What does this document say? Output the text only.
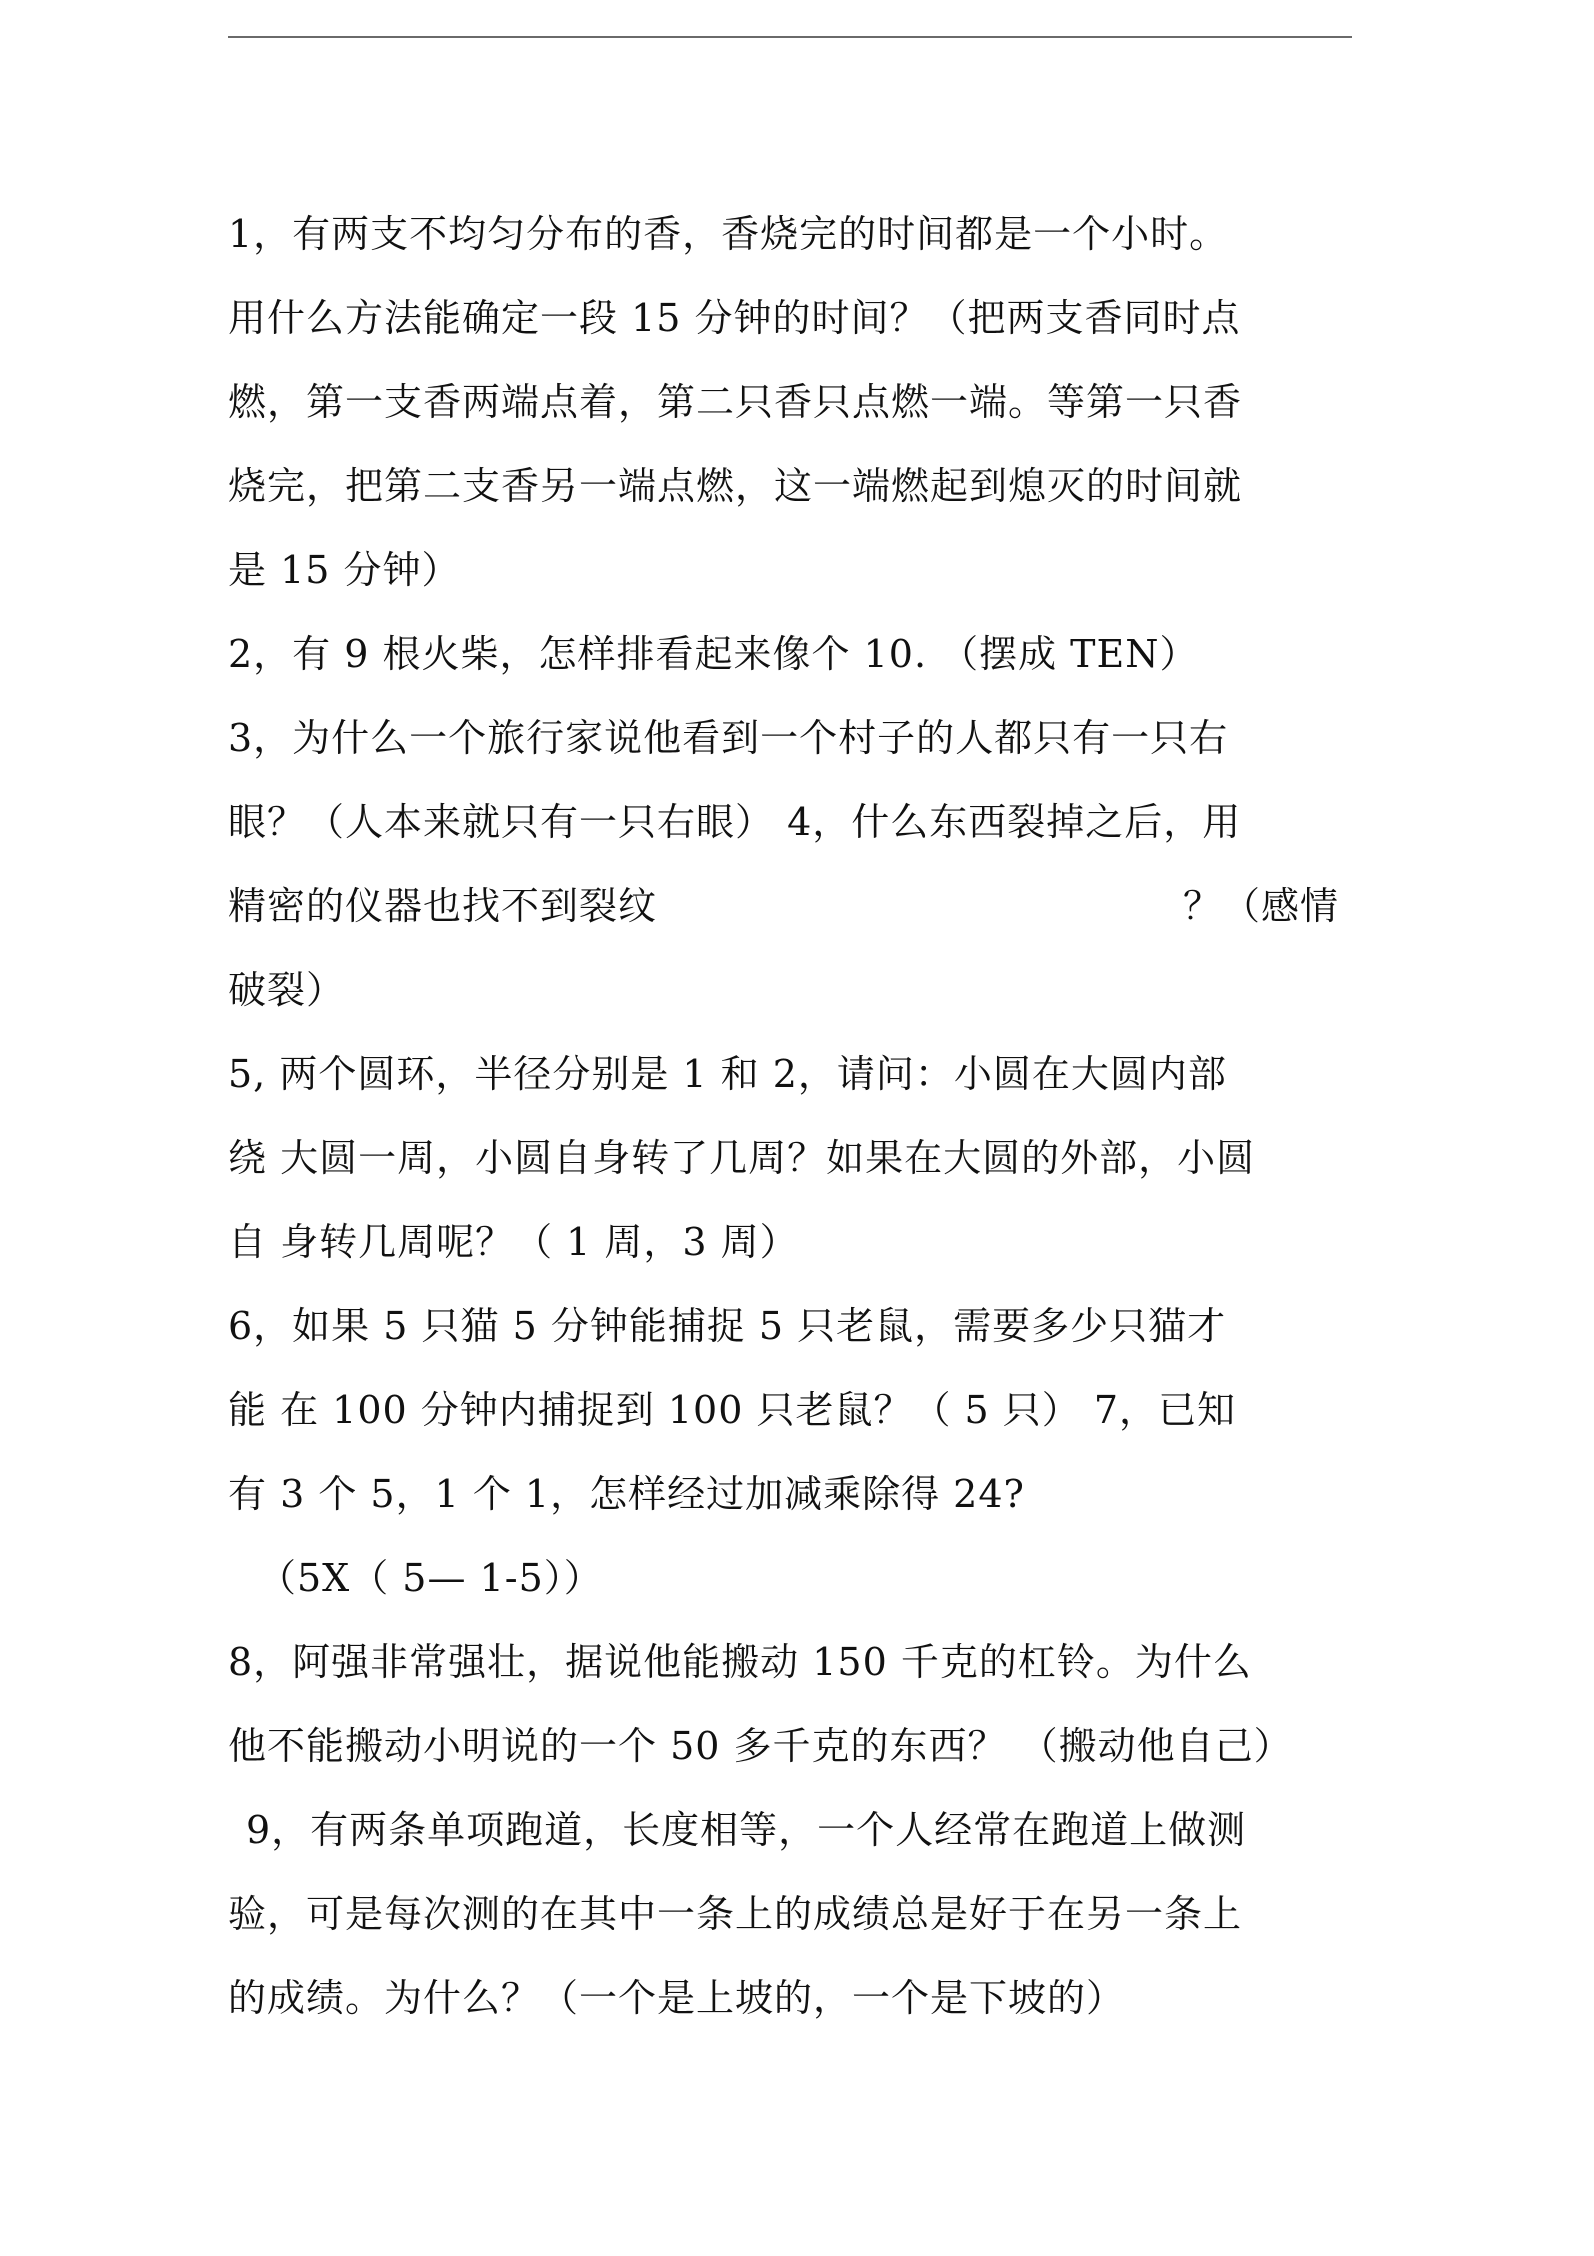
1，有两支不均匀分布的香，香烧完的时间都是一个小时。
用什么方法能确定一段 15 分钟的时间？（把两支香同时点
燃，第一支香两端点着，第二只香只点燃一端。等第一只香
烧完，把第二支香另一端点燃，这一端燃起到熄灭的时间就
是 15 分钟）
2，有 9 根火柴，怎样排看起来像个 10. （摆成 TEN）
3，为什么一个旅行家说他看到一个村子的人都只有一只右
眼？（人本来就只有一只右眼） 4，什么东西裂掉之后，用
精密的仪器也找不到裂纹	？（感情
破裂）
5, 两个圆环，半径分别是 1 和 2，请问：小圆在大圆内部
绕 大圆一周，小圆自身转了几周？如果在大圆的外部，小圆
自 身转几周呢？（ 1 周，3 周）
6，如果 5 只猫 5 分钟能捕捉 5 只老鼠，需要多少只猫才
能 在 100 分钟内捕捉到 100 只老鼠？（ 5 只） 7，已知
有 3 个 5，1 个 1，怎样经过加减乘除得 24?
（5X（ 5— 1-5））
8，阿强非常强壮，据说他能搬动 150 千克的杠铃。为什么
他不能搬动小明说的一个 50 多千克的东西？ （搬动他自己）
9，有两条单项跑道，长度相等，一个人经常在跑道上做测
验，可是每次测的在其中一条上的成绩总是好于在另一条上
的成绩。为什么？（一个是上坡的，一个是下坡的）
